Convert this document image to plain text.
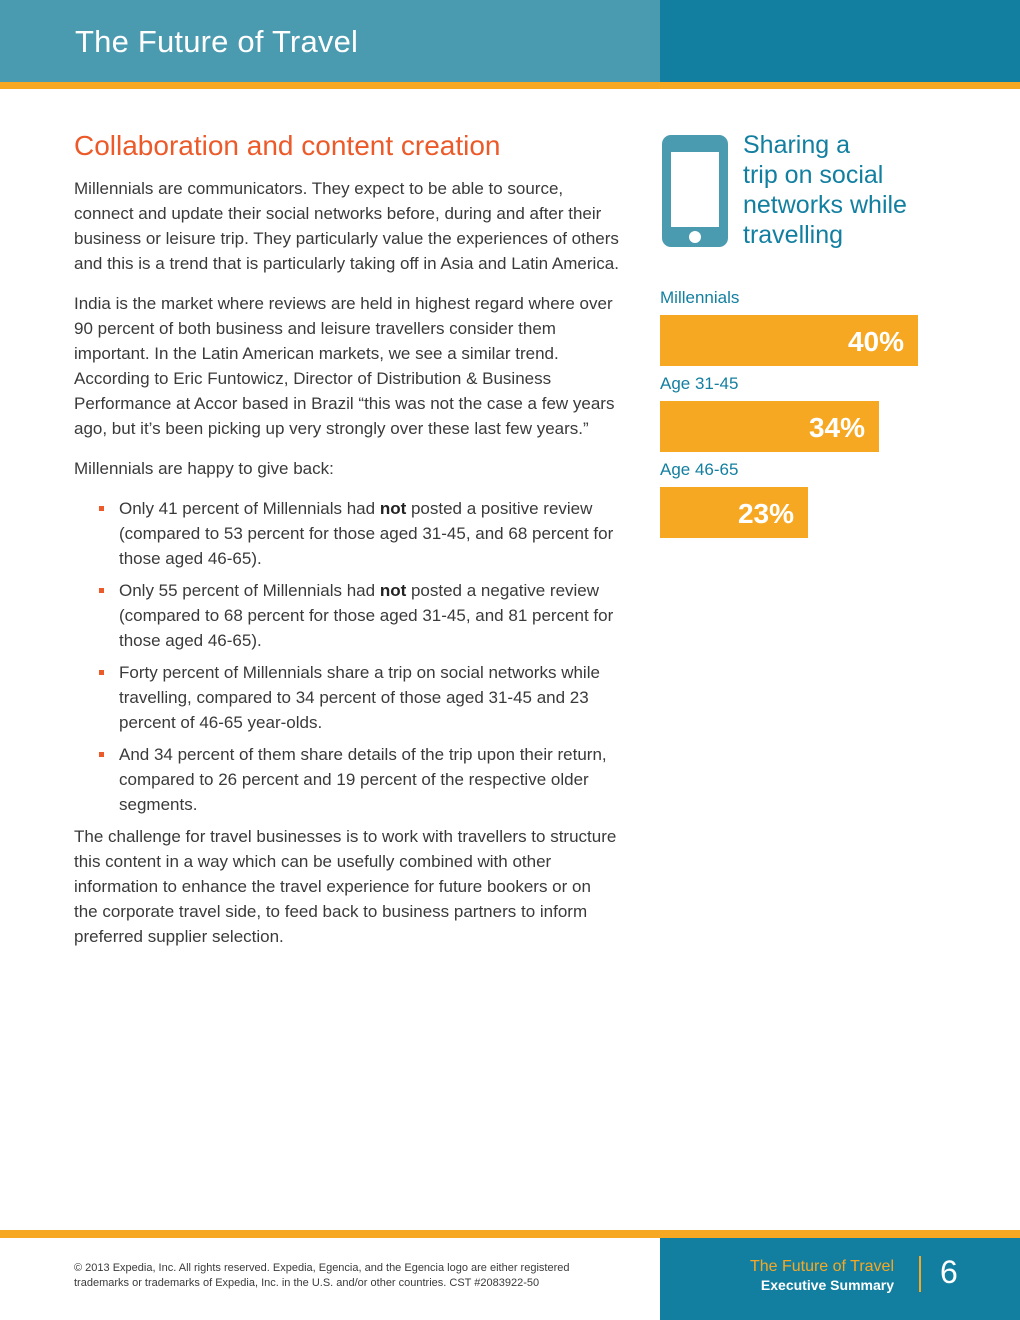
The Future of Travel
Collaboration and content creation

Millennials are communicators. They expect to be able to source, connect and update their social networks before, during and after their business or leisure trip. They particularly value the experiences of others and this is a trend that is particularly taking off in Asia and Latin America.

India is the market where reviews are held in highest regard where over 90 percent of both business and leisure travellers consider them important. In the Latin American markets, we see a similar trend. According to Eric Funtowicz, Director of Distribution & Business Performance at Accor based in Brazil “this was not the case a few years ago, but it’s been picking up very strongly over these last few years.”

Millennials are happy to give back:

Only 41 percent of Millennials had not posted a positive review (compared to 53 percent for those aged 31-45, and 68 percent for those aged 46-65).
Only 55 percent of Millennials had not posted a negative review (compared to 68 percent for those aged 31-45, and 81 percent for those aged 46-65).
Forty percent of Millennials share a trip on social networks while travelling, compared to 34 percent of those aged 31-45 and 23 percent of 46-65 year-olds.
And 34 percent of them share details of the trip upon their return, compared to 26 percent and 19 percent of the respective older segments.

The challenge for travel businesses is to work with travellers to structure this content in a way which can be usefully combined with other information to enhance the travel experience for future bookers or on the corporate travel side, to feed back to business partners to inform preferred supplier selection.

Sharing a
trip on social
networks while
travelling
Millennials
40%
Age 31-45
34%
Age 46-65
23%
© 2013 Expedia, Inc. All rights reserved. Expedia, Egencia, and the Egencia logo are either registered
trademarks or trademarks of Expedia, Inc. in the U.S. and/or other countries. CST #2083922-50
The Future of Travel
Executive Summary 6
